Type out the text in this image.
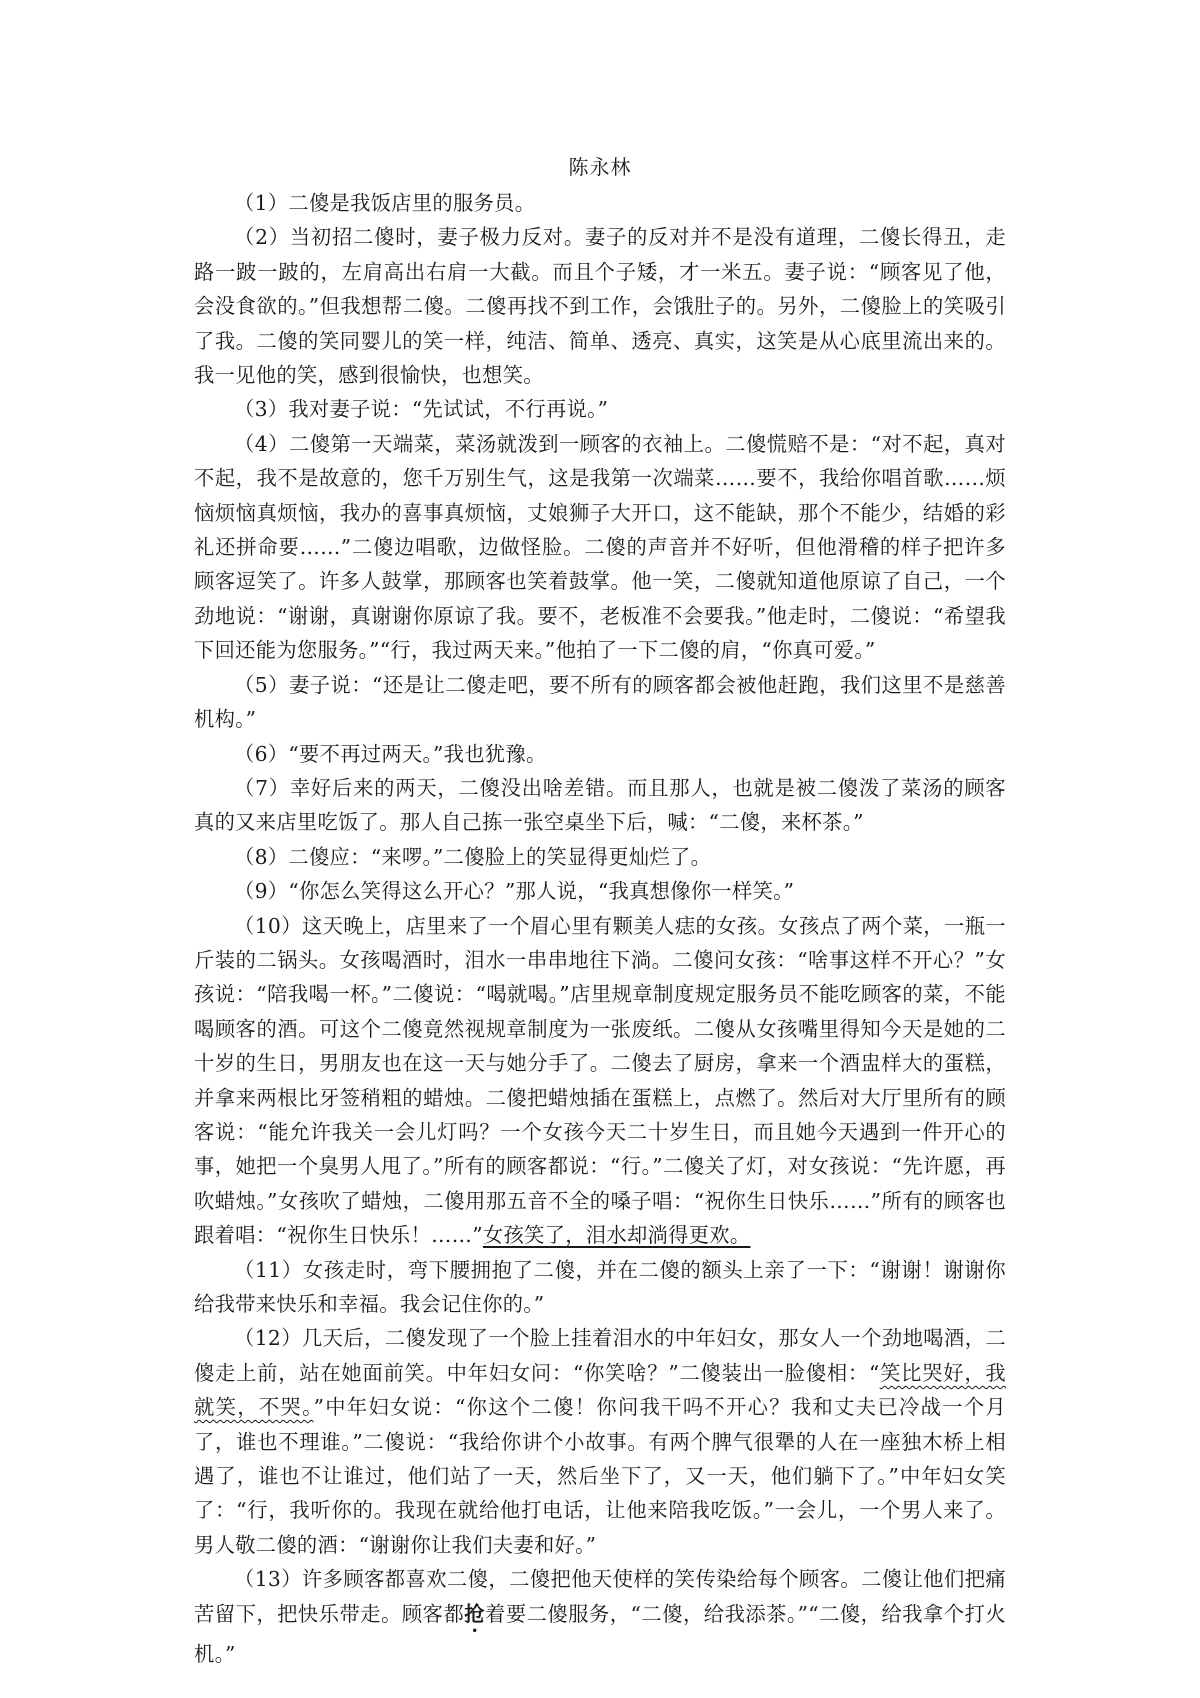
陈永林

（1）二傻是我饭店里的服务员。

（2）当初招二傻时，妻子极力反对。妻子的反对并不是没有道理，二傻长得丑，走路一跛一跛的，左肩高出右肩一大截。而且个子矮，才一米五。妻子说：“顾客见了他，会没食欲的。”但我想帮二傻。二傻再找不到工作，会饿肚子的。另外，二傻脸上的笑吸引了我。二傻的笑同婴儿的笑一样，纯洁、简单、透亮、真实，这笑是从心底里流出来的。我一见他的笑，感到很愉快，也想笑。

（3）我对妻子说：“先试试，不行再说。”

（4）二傻第一天端菜，菜汤就泼到一顾客的衣袖上。二傻慌赔不是：“对不起，真对不起，我不是故意的，您千万别生气，这是我第一次端菜……要不，我给你唱首歌……烦恼烦恼真烦恼，我办的喜事真烦恼，丈娘狮子大开口，这不能缺，那个不能少，结婚的彩礼还拼命要……”二傻边唱歌，边做怪脸。二傻的声音并不好听，但他滑稽的样子把许多顾客逗笑了。许多人鼓掌，那顾客也笑着鼓掌。他一笑，二傻就知道他原谅了自己，一个劲地说：“谢谢，真谢谢你原谅了我。要不，老板准不会要我。”他走时，二傻说：“希望我下回还能为您服务。”“行，我过两天来。”他拍了一下二傻的肩，“你真可爱。”

（5）妻子说：“还是让二傻走吧，要不所有的顾客都会被他赶跑，我们这里不是慈善机构。”

（6）“要不再过两天。”我也犹豫。

（7）幸好后来的两天，二傻没出啥差错。而且那人，也就是被二傻泼了菜汤的顾客真的又来店里吃饭了。那人自己拣一张空桌坐下后，喊：“二傻，来杯茶。”

（8）二傻应：“来啰。”二傻脸上的笑显得更灿烂了。

（9）“你怎么笑得这么开心？”那人说，“我真想像你一样笑。”

（10）这天晚上，店里来了一个眉心里有颗美人痣的女孩。女孩点了两个菜，一瓶一斤装的二锅头。女孩喝酒时，泪水一串串地往下淌。二傻问女孩：“啥事这样不开心？”女孩说：“陪我喝一杯。”二傻说：“喝就喝。”店里规章制度规定服务员不能吃顾客的菜，不能喝顾客的酒。可这个二傻竟然视规章制度为一张废纸。二傻从女孩嘴里得知今天是她的二十岁的生日，男朋友也在这一天与她分手了。二傻去了厨房，拿来一个酒盅样大的蛋糕，并拿来两根比牙签稍粗的蜡烛。二傻把蜡烛插在蛋糕上，点燃了。然后对大厅里所有的顾客说：“能允许我关一会儿灯吗？一个女孩今天二十岁生日，而且她今天遇到一件开心的事，她把一个臭男人甩了。”所有的顾客都说：“行。”二傻关了灯，对女孩说：“先许愿，再吹蜡烛。”女孩吹了蜡烛，二傻用那五音不全的嗓子唱：“祝你生日快乐……”所有的顾客也跟着唱：“祝你生日快乐！……”女孩笑了，泪水却淌得更欢。

（11）女孩走时，弯下腰拥抱了二傻，并在二傻的额头上亲了一下：“谢谢！谢谢你给我带来快乐和幸福。我会记住你的。”

（12）几天后，二傻发现了一个脸上挂着泪水的中年妇女，那女人一个劲地喝酒，二傻走上前，站在她面前笑。中年妇女问：“你笑啥？”二傻装出一脸傻相：“笑比哭好，我就笑，不哭。”中年妇女说：“你这个二傻！你问我干吗不开心？我和丈夫已冷战一个月了，谁也不理谁。”二傻说：“我给你讲个小故事。有两个脾气很犟的人在一座独木桥上相遇了，谁也不让谁过，他们站了一天，然后坐下了，又一天，他们躺下了。”中年妇女笑了：“行，我听你的。我现在就给他打电话，让他来陪我吃饭。”一会儿，一个男人来了。男人敬二傻的酒：“谢谢你让我们夫妻和好。”

（13）许多顾客都喜欢二傻，二傻把他天使样的笑传染给每个顾客。二傻让他们把痛苦留下，把快乐带走。顾客都抢着要二傻服务，“二傻，给我添茶。”“二傻，给我拿个打火机。”
